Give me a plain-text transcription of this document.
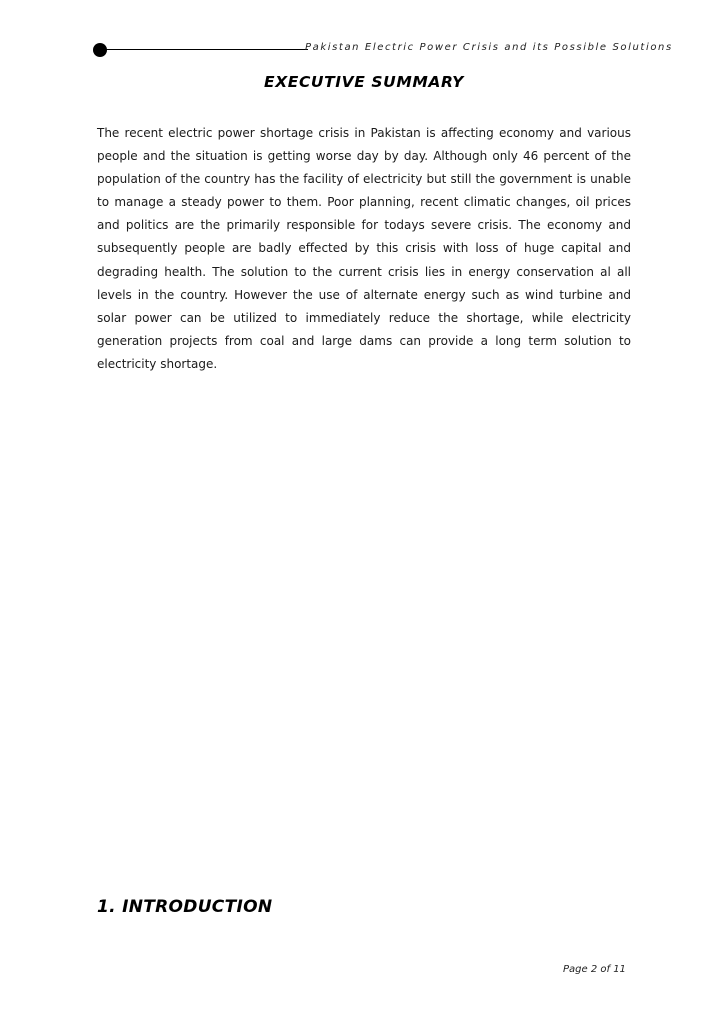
Pakistan Electric Power Crisis and its Possible Solutions
EXECUTIVE SUMMARY

The recent electric power shortage crisis in Pakistan is affecting economy and various people and the situation is getting worse day by day. Although only 46 percent of the population of the country has the facility of electricity but still the government is unable to manage a steady power to them. Poor planning, recent climatic changes, oil prices and politics are the primarily responsible for todays severe crisis. The economy and subsequently people are badly effected by this crisis with loss of huge capital and degrading health. The solution to the current crisis lies in energy conservation al all levels in the country. However the use of alternate energy such as wind turbine and solar power can be utilized to immediately reduce the shortage, while electricity generation projects from coal and large dams can provide a long term solution to electricity shortage.

1. INTRODUCTION
Page 2 of 11
